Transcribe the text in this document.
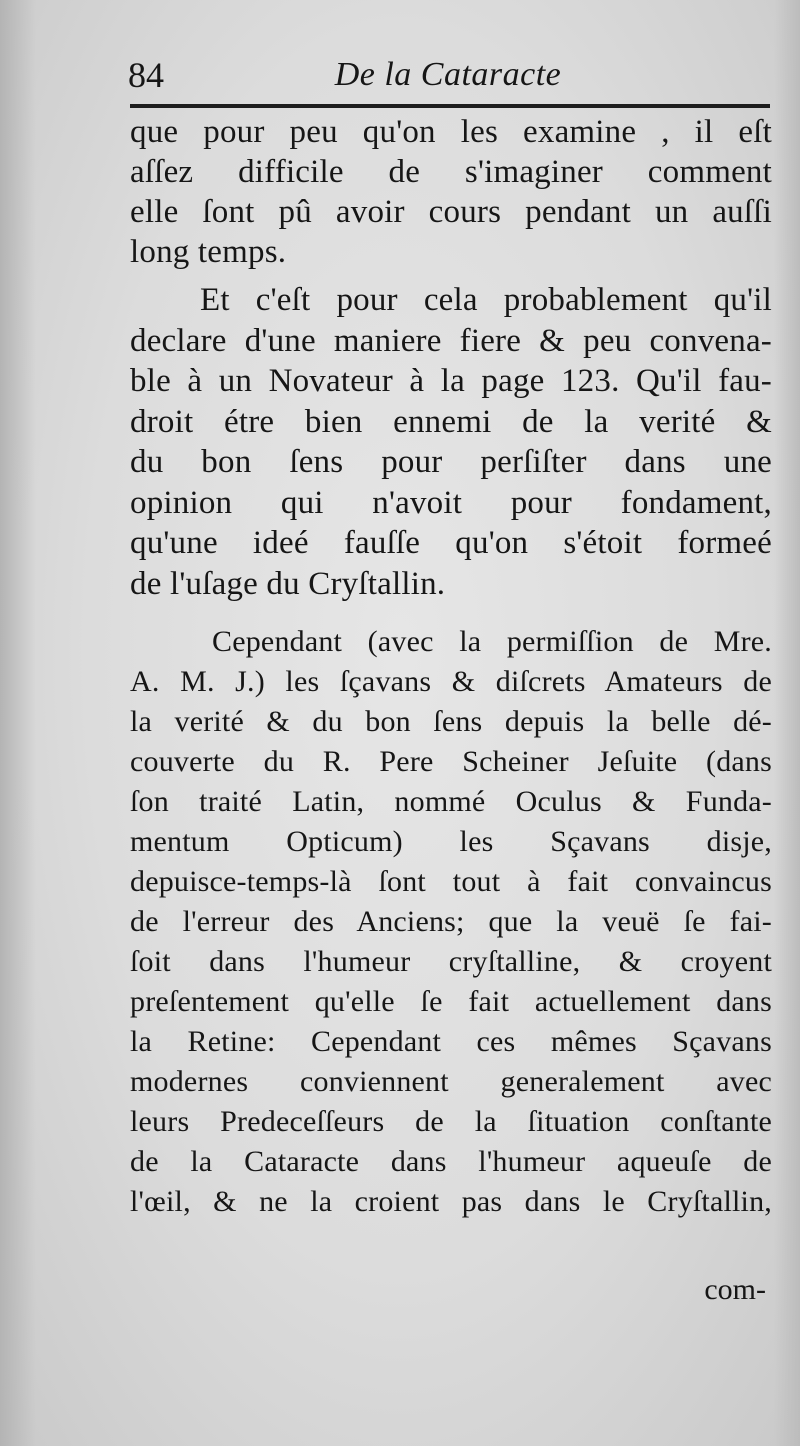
84	De la Cataracte
que pour peu qu'on les examine , il eſt
aſſez difficile de s'imaginer comment
elle ſont pû avoir cours pendant un auſſi
long temps.
Et c'eſt pour cela probablement qu'il
declare d'une maniere fiere & peu convena-
ble à un Novateur à la page 123. Qu'il fau-
droit étre bien ennemi de la verité &
du bon ſens pour perſiſter dans une
opinion qui n'avoit pour fondament,
qu'une ideé fauſſe qu'on s'étoit formeé
de l'uſage du Cryſtallin.
Cependant (avec la permiſſion de Mre.
A. M. J.) les ſçavans & diſcrets Amateurs de
la verité & du bon ſens depuis la belle dé-
couverte du R. Pere Scheiner Jeſuite (dans
ſon traité Latin, nommé Oculus & Funda-
mentum Opticum) les Sçavans disje,
depuisce-temps-là ſont tout à fait convaincus
de l'erreur des Anciens; que la veuë ſe fai-
ſoit dans l'humeur cryſtalline, & croyent
preſentement qu'elle ſe fait actuellement dans
la Retine: Cependant ces mêmes Sçavans
modernes conviennent generalement avec
leurs Predeceſſeurs de la ſituation conſtante
de la Cataracte dans l'humeur aqueuſe de
l'œil, & ne la croient pas dans le Cryſtallin,
com-
